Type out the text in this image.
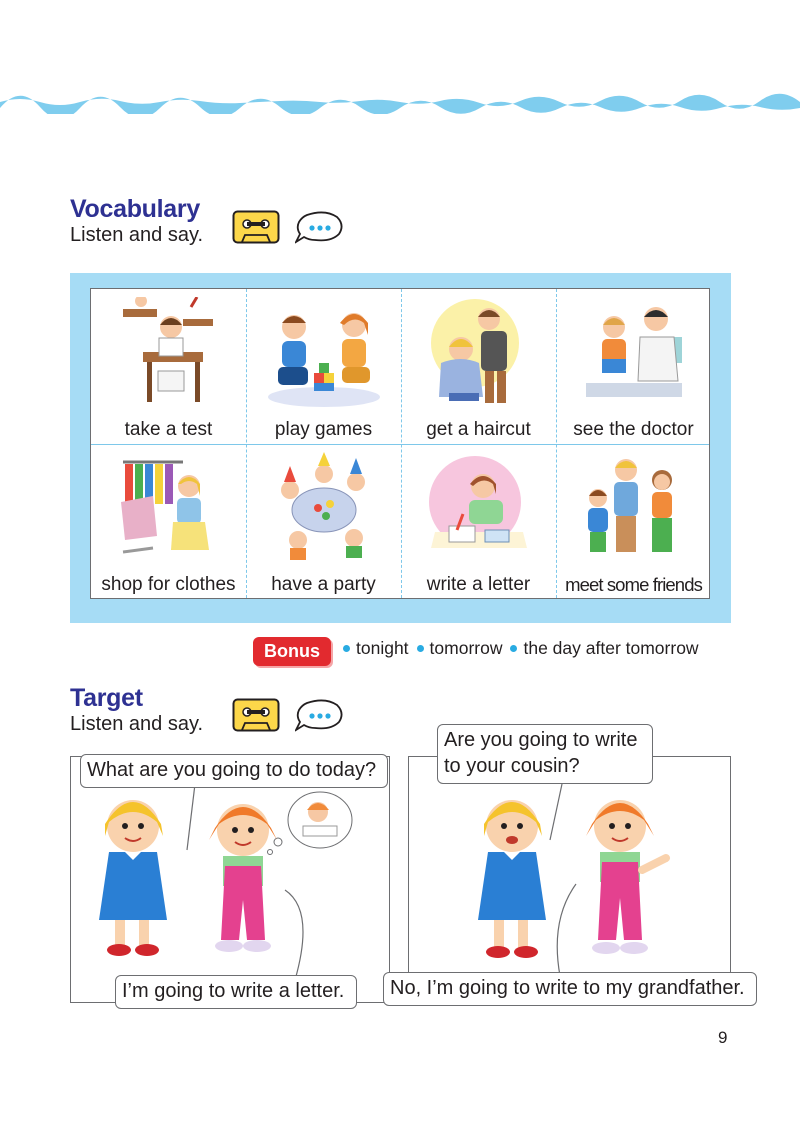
Vocabulary
Listen and say.
take a test	play games	get a haircut	see the doctor
shop for clothes	have a party	write a letter	meet some friends
Bonus	tonight tomorrow the day after tomorrow
Target
Listen and say.
What are you going to do today?
I’m going to write a letter.
Are you going to write
to your cousin?
No, I’m going to write to my grandfather.
9
